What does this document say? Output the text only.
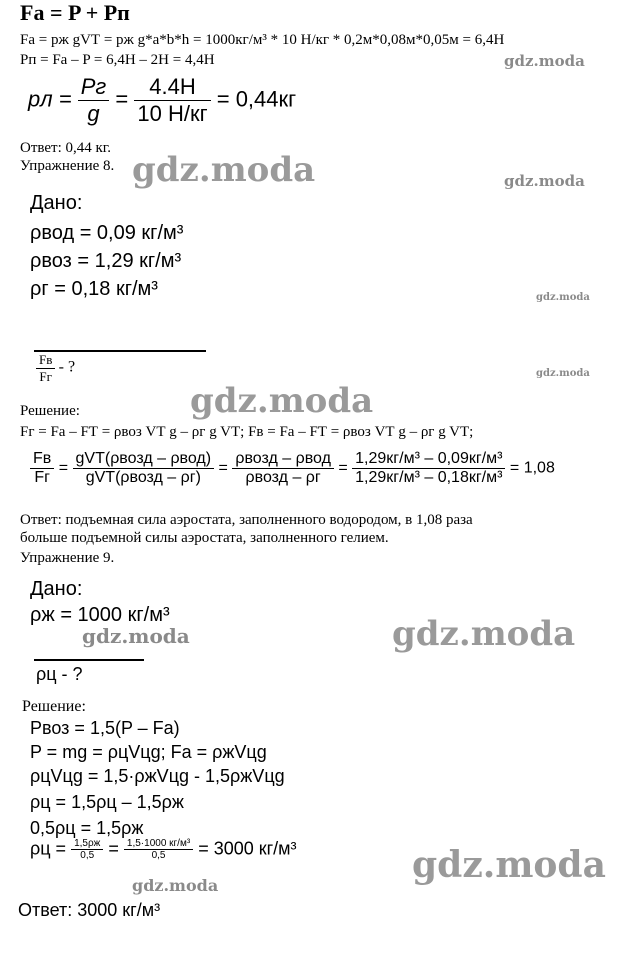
Fa = P + Pп
Fa = pж gVТ = pж g*a*b*h = 1000кг/м³ * 10 Н/кг * 0,2м*0,08м*0,05м = 6,4Н
Pп = Fa – P = 6,4Н – 2Н = 4,4Н
pл = $\frac{Pг}{g} = \frac{4.4Н}{10 Н/кг} = 0,44кг$
Ответ: 0,44 кг.
Упражнение 8.
Дано:
ρвод = 0,09 кг/м³
ρвоз = 1,29 кг/м³
ρг = 0,18 кг/м³
$\frac{Fв}{Fг}$ - ?
Решение:
Fг = Fa – FТ = ρвоз VТ g – ρг g VТ; Fв = Fa – FТ = ρвоз VТ g – ρг g VТ;
$\frac{Fв}{Fг} = \frac{\text{gVТ(ρвозд – ρвод)}}{\text{gVТ(ρвозд – ρг)}} = \frac{\text{ρвозд – ρвод}}{\text{ρвозд – ρг}} = \frac{\text{1,29кг/м³ – 0,09кг/м³}}{\text{1,29кг/м³ – 0,18кг/м³}} = 1,08$
Ответ: подъемная сила аэростата, заполненного водородом, в 1,08 раза
больше подъемной силы аэростата, заполненного гелием.
Упражнение 9.
Дано:
ρж = 1000 кг/м³
ρц - ?
Решение:
Pвоз = 1,5(P – Fa)
P = mg = ρцVцg; Fa = ρжVцg
ρцVцg = 1,5·ρжVцg - 1,5ρжVцg
ρц = 1,5ρц – 1,5ρж
0,5ρц = 1,5ρж
$\rho ц = \frac{1,5\rho ж}{0,5} = \frac{\text{1,5·1000 кг/м³}}{0,5} = 3000$ кг/м³
Ответ: 3000 кг/м³
gdz.moda
gdz.moda	gdz.moda
gdz.moda
gdz.moda
gdz.moda
gdz.moda	gdz.moda
gdz.moda
gdz.moda
